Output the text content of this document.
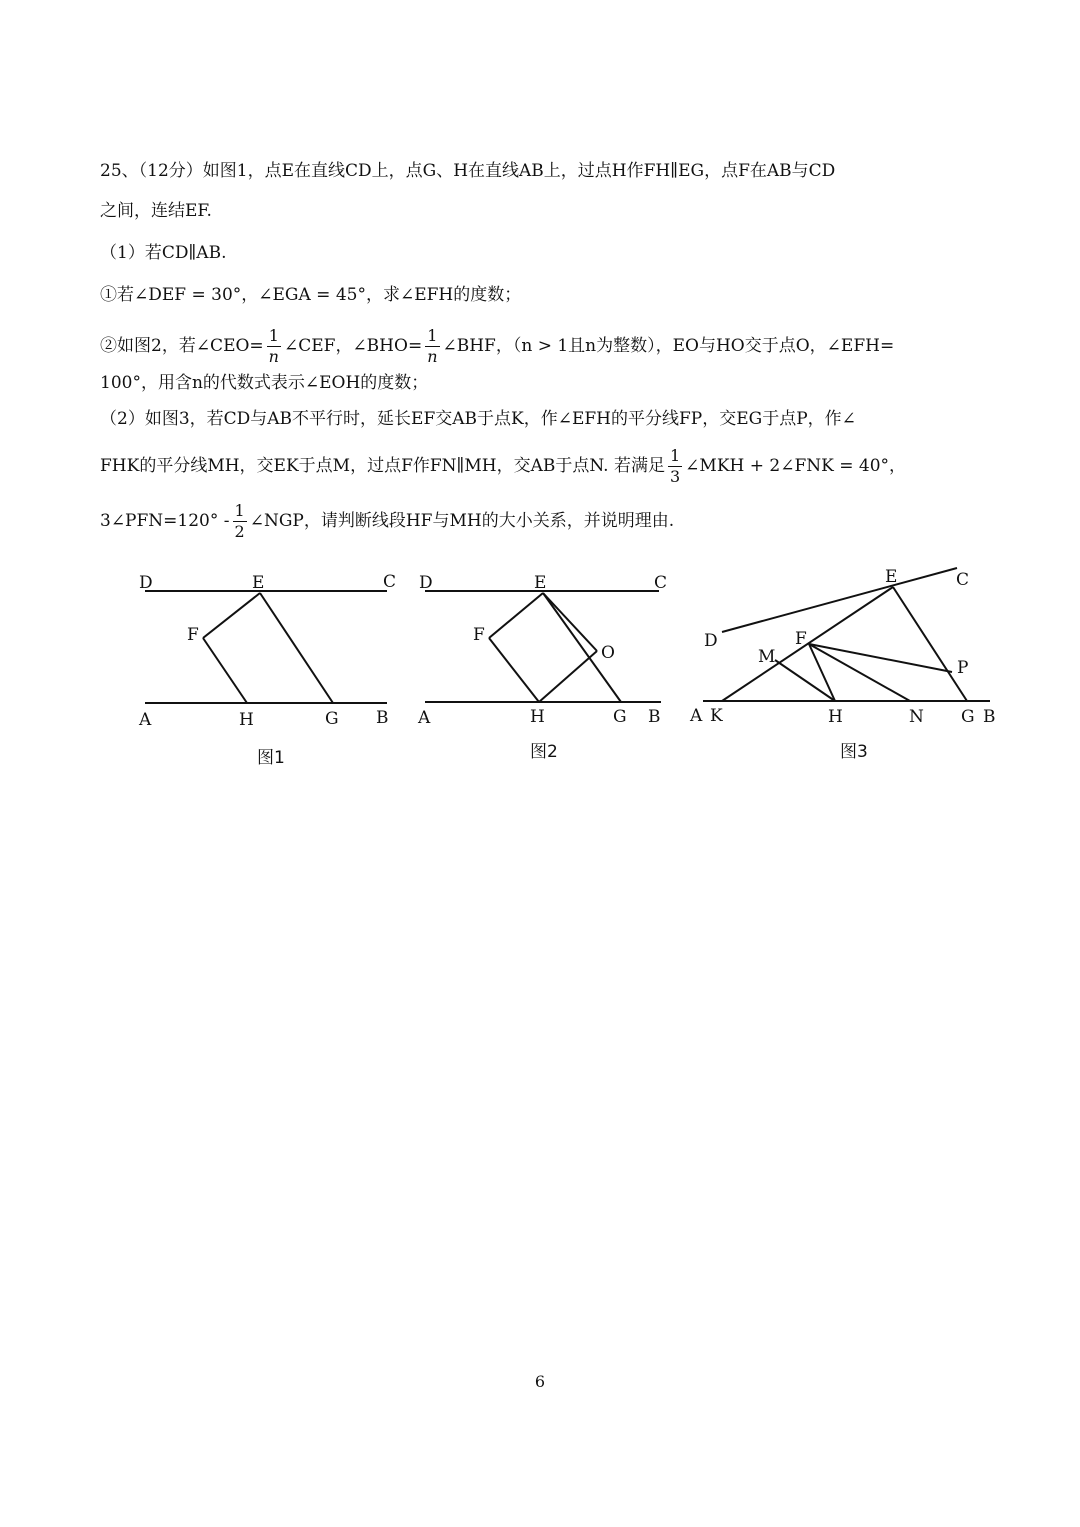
25、（12分）如图1，点E在直线CD上，点G、H在直线AB上，过点H作FH∥EG，点F在AB与CD
之间，连结EF.
（1）若CD∥AB.
①若∠DEF = 30°，∠EGA = 45°，求∠EFH的度数；
②如图2，若∠CEO= $\frac{1}{n}$ ∠CEF，∠BHO= $\frac{1}{n}$ ∠BHF，（n > 1且n为整数），EO与HO交于点O，∠EFH=
100°，用含n的代数式表示∠EOH的度数；
（2）如图3，若CD与AB不平行时，延长EF交AB于点K，作∠EFH的平分线FP，交EG于点P，作∠
FHK的平分线MH，交EK于点M，过点F作FN∥MH，交AB于点N. 若满足 $\frac{1}{3}$ ∠MKH + 2∠FNK = 40°，
3∠PFN=120° - $\frac{1}{2}$ ∠NGP，请判断线段HF与MH的大小关系，并说明理由.
D	E	C
F
A	H	G B
图1
D	E	C
F
O
A	H	G B
图2
E	C
D	F
M
P
A K	H	N G B
图3
6
